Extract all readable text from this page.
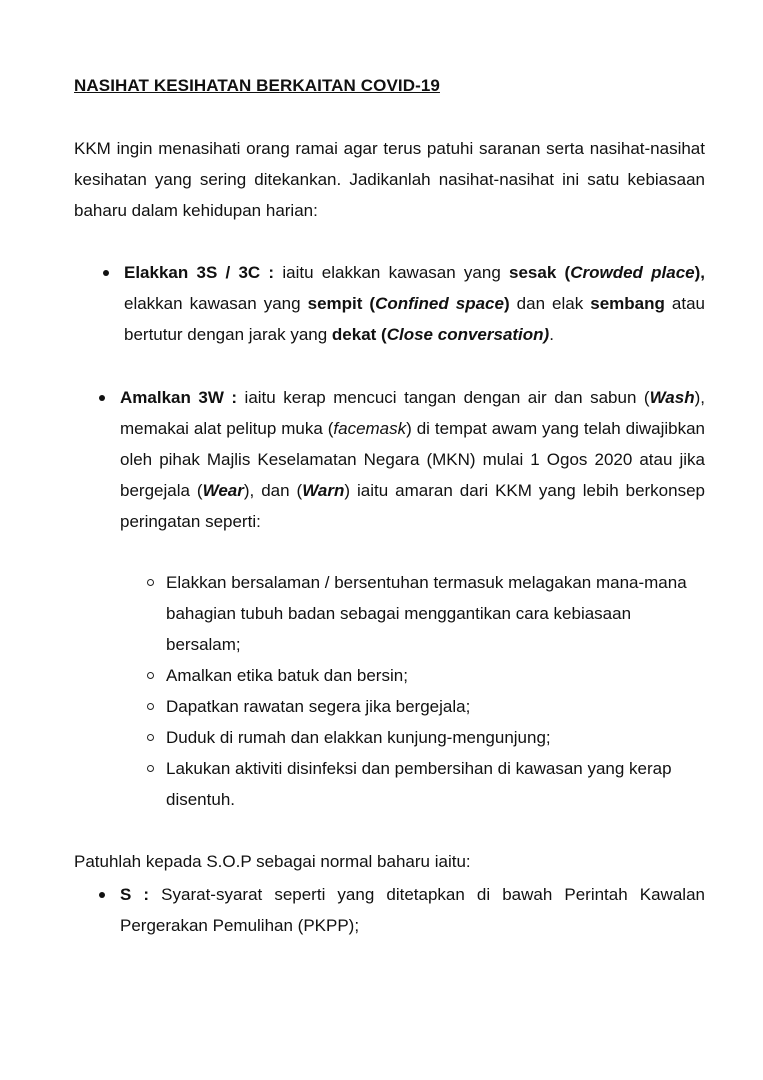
NASIHAT KESIHATAN BERKAITAN COVID-19

KKM ingin menasihati orang ramai agar terus patuhi saranan serta nasihat-nasihat kesihatan yang sering ditekankan. Jadikanlah nasihat-nasihat ini satu kebiasaan baharu dalam kehidupan harian:

Elakkan 3S / 3C : iaitu elakkan kawasan yang sesak (Crowded place), elakkan kawasan yang sempit (Confined space) dan elak sembang atau bertutur dengan jarak yang dekat (Close conversation).

Amalkan 3W : iaitu kerap mencuci tangan dengan air dan sabun (Wash), memakai alat pelitup muka (facemask) di tempat awam yang telah diwajibkan oleh pihak Majlis Keselamatan Negara (MKN) mulai 1 Ogos 2020 atau jika bergejala (Wear), dan (Warn) iaitu amaran dari KKM yang lebih berkonsep peringatan seperti:

Elakkan bersalaman / bersentuhan termasuk melagakan mana-mana bahagian tubuh badan sebagai menggantikan cara kebiasaan bersalam;
Amalkan etika batuk dan bersin;
Dapatkan rawatan segera jika bergejala;
Duduk di rumah dan elakkan kunjung-mengunjung;
Lakukan aktiviti disinfeksi dan pembersihan di kawasan yang kerap disentuh.

Patuhlah kepada S.O.P sebagai normal baharu iaitu:

S : Syarat-syarat seperti yang ditetapkan di bawah Perintah Kawalan Pergerakan Pemulihan (PKPP);
